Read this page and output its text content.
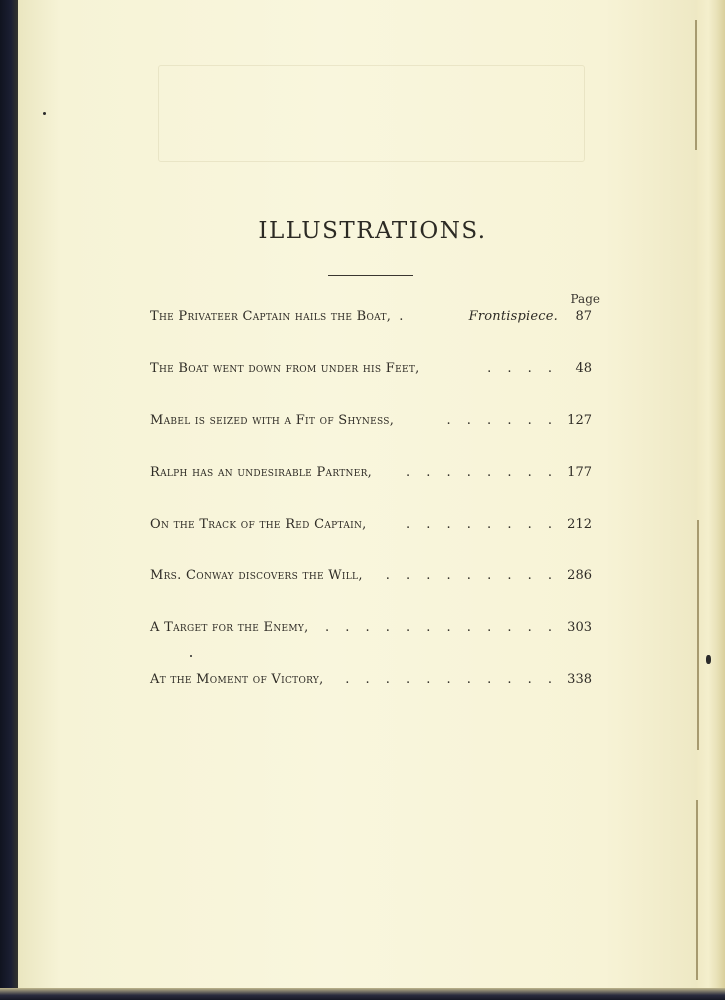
ILLUSTRATIONS.
Page
The Privateer Captain hails the Boat, .	Frontispiece.	87
The Boat went down from under his Feet,	. . . .	48
Mabel is seized with a Fit of Shyness,	. . . . . . 127
Ralph has an undesirable Partner,	. . . . . . . . 177
On the Track of the Red Captain,	. . . . . . . . 212
Mrs. Conway discovers the Will,	. . . . . . . . . 286
A Target for the Enemy,	. . . . . . . . . . . . 303
At the Moment of Victory,	. . . . . . . . . . . 338
